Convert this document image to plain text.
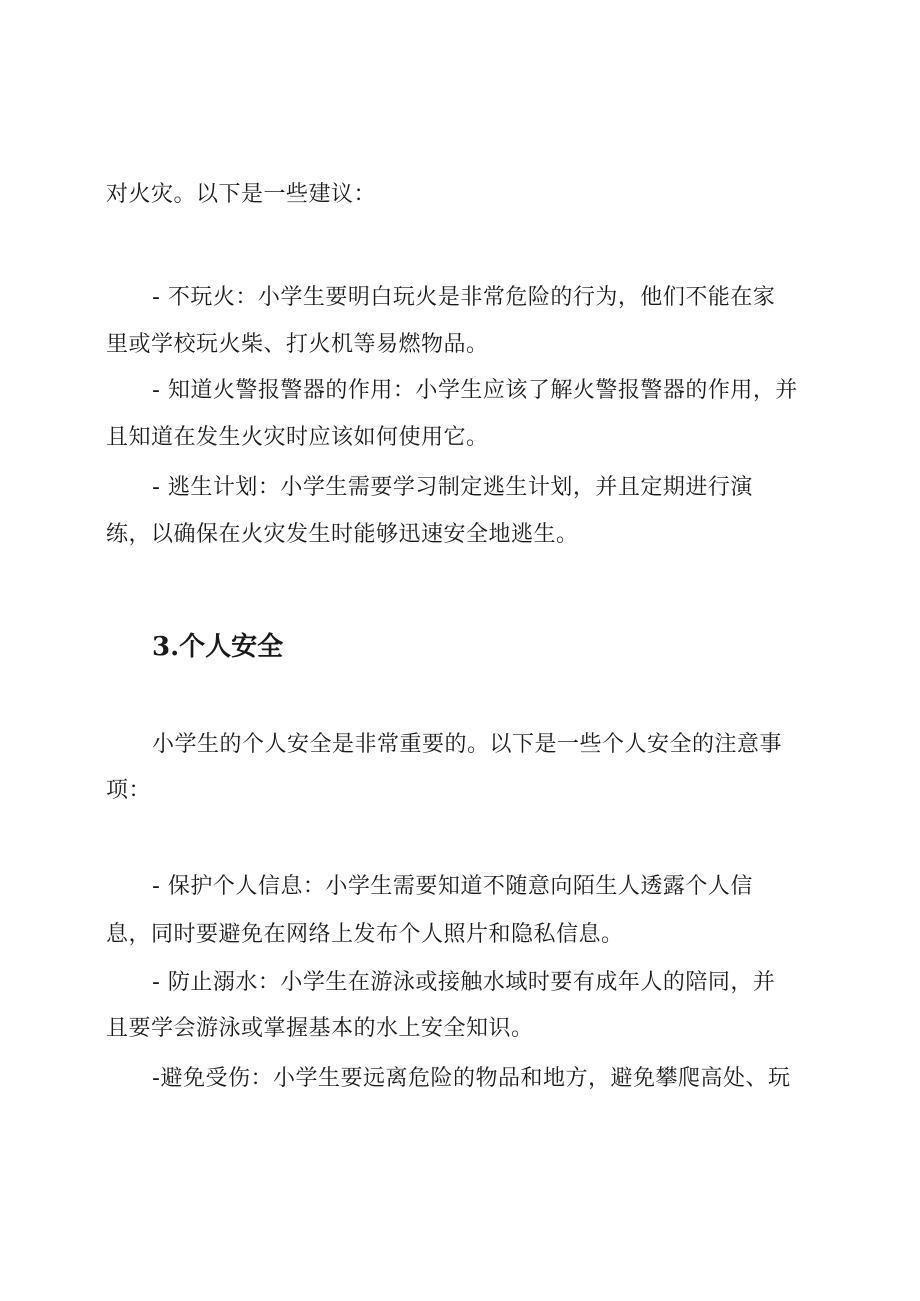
对火灾。以下是一些建议：
- 不玩火：小学生要明白玩火是非常危险的行为，他们不能在家
里或学校玩火柴、打火机等易燃物品。
- 知道火警报警器的作用：小学生应该了解火警报警器的作用，并
且知道在发生火灾时应该如何使用它。
- 逃生计划：小学生需要学习制定逃生计划，并且定期进行演
练，以确保在火灾发生时能够迅速安全地逃生。
3.个人安全
小学生的个人安全是非常重要的。以下是一些个人安全的注意事
项：
- 保护个人信息：小学生需要知道不随意向陌生人透露个人信
息，同时要避免在网络上发布个人照片和隐私信息。
- 防止溺水：小学生在游泳或接触水域时要有成年人的陪同，并
且要学会游泳或掌握基本的水上安全知识。
-避免受伤：小学生要远离危险的物品和地方，避免攀爬高处、玩
